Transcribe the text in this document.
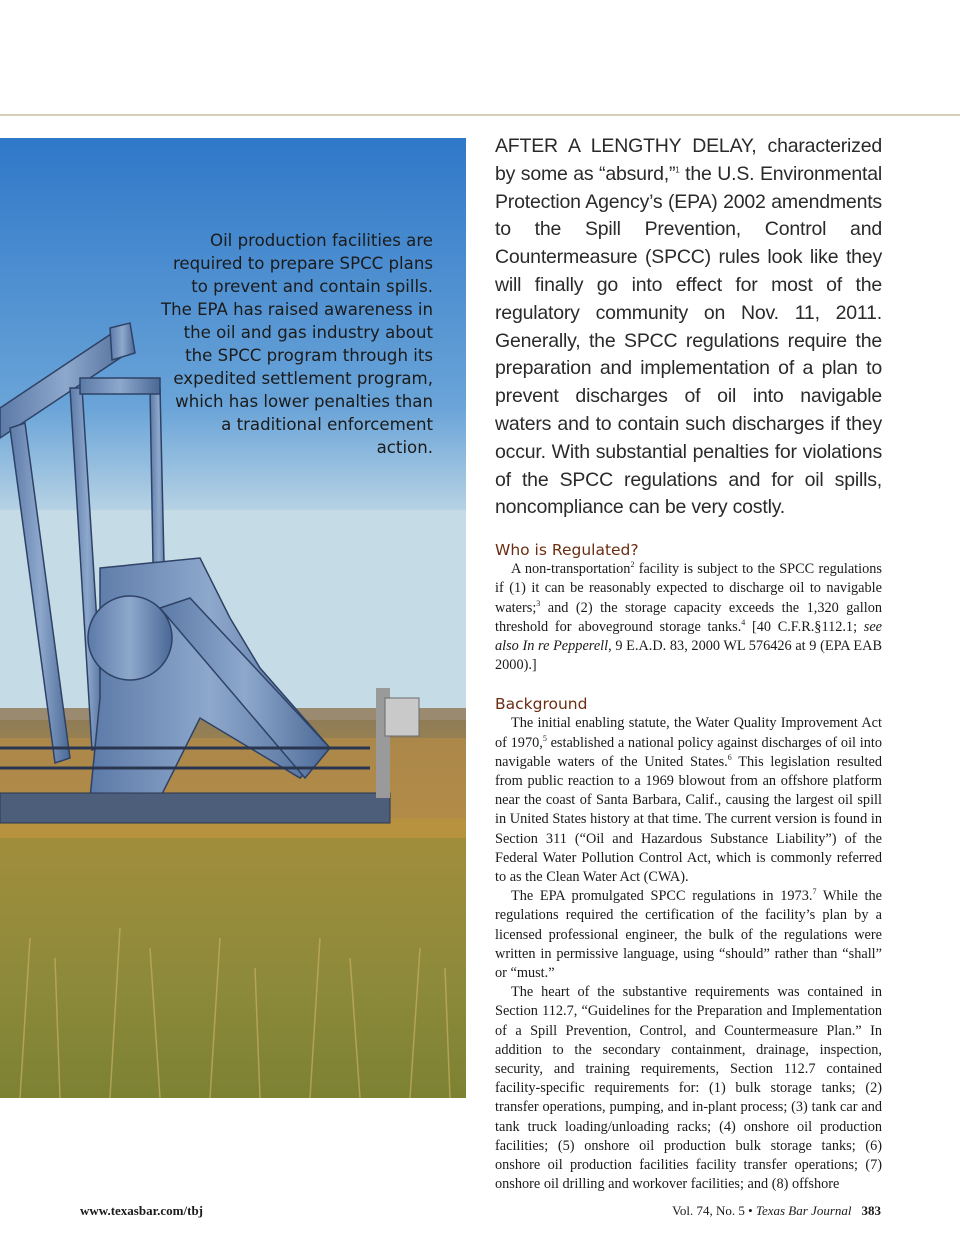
Oil production facilities are required to prepare SPCC plans to prevent and contain spills. The EPA has raised awareness in the oil and gas industry about the SPCC program through its expedited settlement program, which has lower penalties than a traditional enforcement action.

AFTER A LENGTHY DELAY, characterized by some as “absurd,”$^1$ the U.S. Environmental Protection Agency’s (EPA) 2002 amendments to the Spill Prevention, Control and Countermeasure (SPCC) rules look like they will finally go into effect for most of the regulatory community on Nov. 11, 2011. Generally, the SPCC regulations require the preparation and implementation of a plan to prevent discharges of oil into navigable waters and to contain such discharges if they occur. With substantial penalties for violations of the SPCC regulations and for oil spills, noncompliance can be very costly.

Who is Regulated?

A non-transportation$^2$ facility is subject to the SPCC regulations if (1) it can be reasonably expected to discharge oil to navigable waters;$^3$ and (2) the storage capacity exceeds the 1,320 gallon threshold for aboveground storage tanks.$^4$ [40 C.F.R.§112.1; see also In re Pepperell, 9 E.A.D. 83, 2000 WL 576426 at 9 (EPA EAB 2000).]

Background

The initial enabling statute, the Water Quality Improvement Act of 1970,$^5$ established a national policy against discharges of oil into navigable waters of the United States.$^6$ This legislation resulted from public reaction to a 1969 blowout from an offshore platform near the coast of Santa Barbara, Calif., causing the largest oil spill in United States history at that time. The current version is found in Section 311 (“Oil and Hazardous Substance Liability”) of the Federal Water Pollution Control Act, which is commonly referred to as the Clean Water Act (CWA).

The EPA promulgated SPCC regulations in 1973.$^7$ While the regulations required the certification of the facility’s plan by a licensed professional engineer, the bulk of the regulations were written in permissive language, using “should” rather than “shall” or “must.”

The heart of the substantive requirements was contained in Section 112.7, “Guidelines for the Preparation and Implementation of a Spill Prevention, Control, and Countermeasure Plan.” In addition to the secondary containment, drainage, inspection, security, and training requirements, Section 112.7 contained facility-specific requirements for: (1) bulk storage tanks; (2) transfer operations, pumping, and in-plant process; (3) tank car and tank truck loading/unloading racks; (4) onshore oil production facilities; (5) onshore oil production bulk storage tanks; (6) onshore oil production facilities facility transfer operations; (7) onshore oil drilling and workover facilities; and (8) offshore

www.texasbar.com/tbj	Vol. 74, No. 5 • Texas Bar Journal 383
